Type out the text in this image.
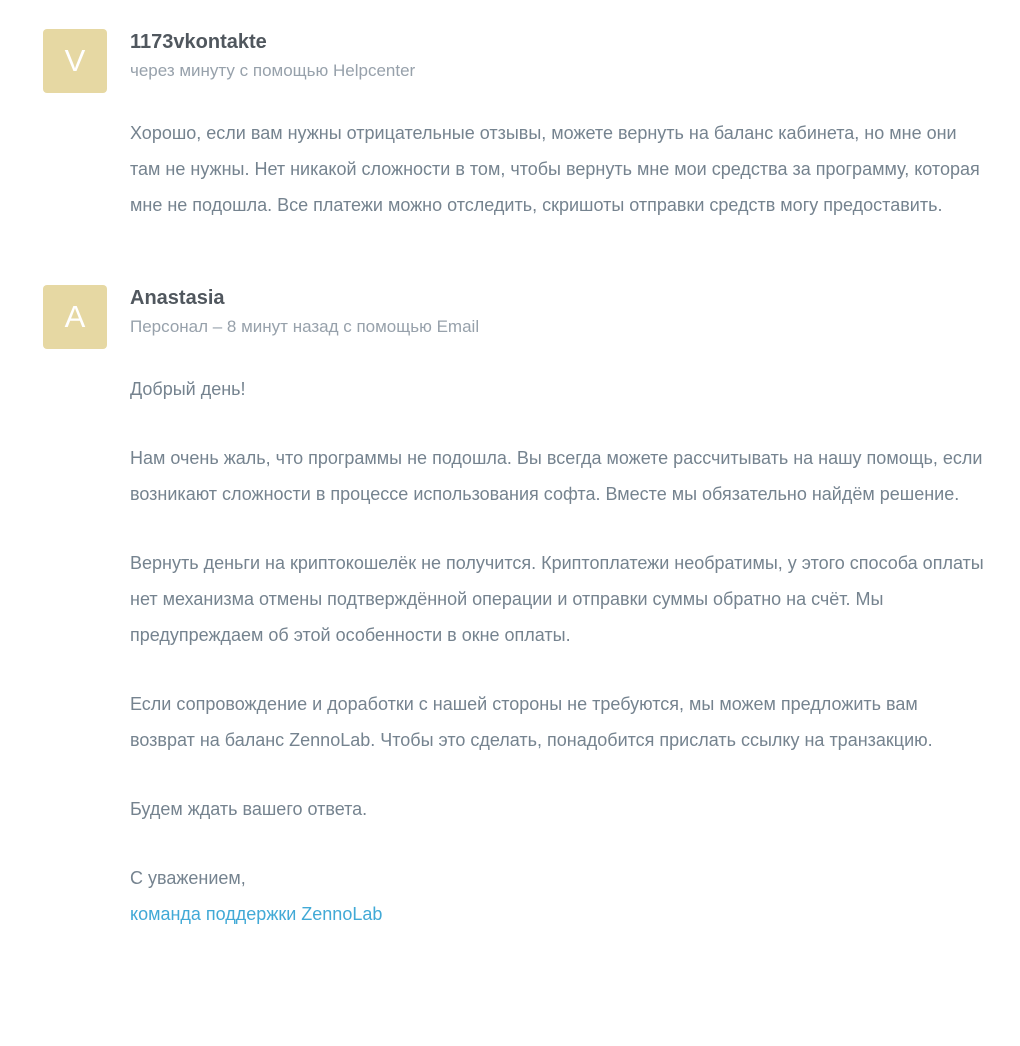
V
1173vkontakte
через минуту с помощью Helpcenter

Хорошо, если вам нужны отрицательные отзывы, можете вернуть на баланс кабинета, но мне они там не нужны. Нет никакой сложности в том, чтобы вернуть мне мои средства за программу, которая мне не подошла. Все платежи можно отследить, скришоты отправки средств могу предоставить.

A
Anastasia
Персонал – 8 минут назад с помощью Email

Добрый день!

Нам очень жаль, что программы не подошла. Вы всегда можете рассчитывать на нашу помощь, если возникают сложности в процессе использования софта. Вместе мы обязательно найдём решение.

Вернуть деньги на криптокошелёк не получится. Криптоплатежи необратимы, у этого способа оплаты нет механизма отмены подтверждённой операции и отправки суммы обратно на счёт. Мы предупреждаем об этой особенности в окне оплаты.

Если сопровождение и доработки с нашей стороны не требуются, мы можем предложить вам возврат на баланс ZennoLab. Чтобы это сделать, понадобится прислать ссылку на транзакцию.

Будем ждать вашего ответа.

С уважением,
команда поддержки ZennoLab
